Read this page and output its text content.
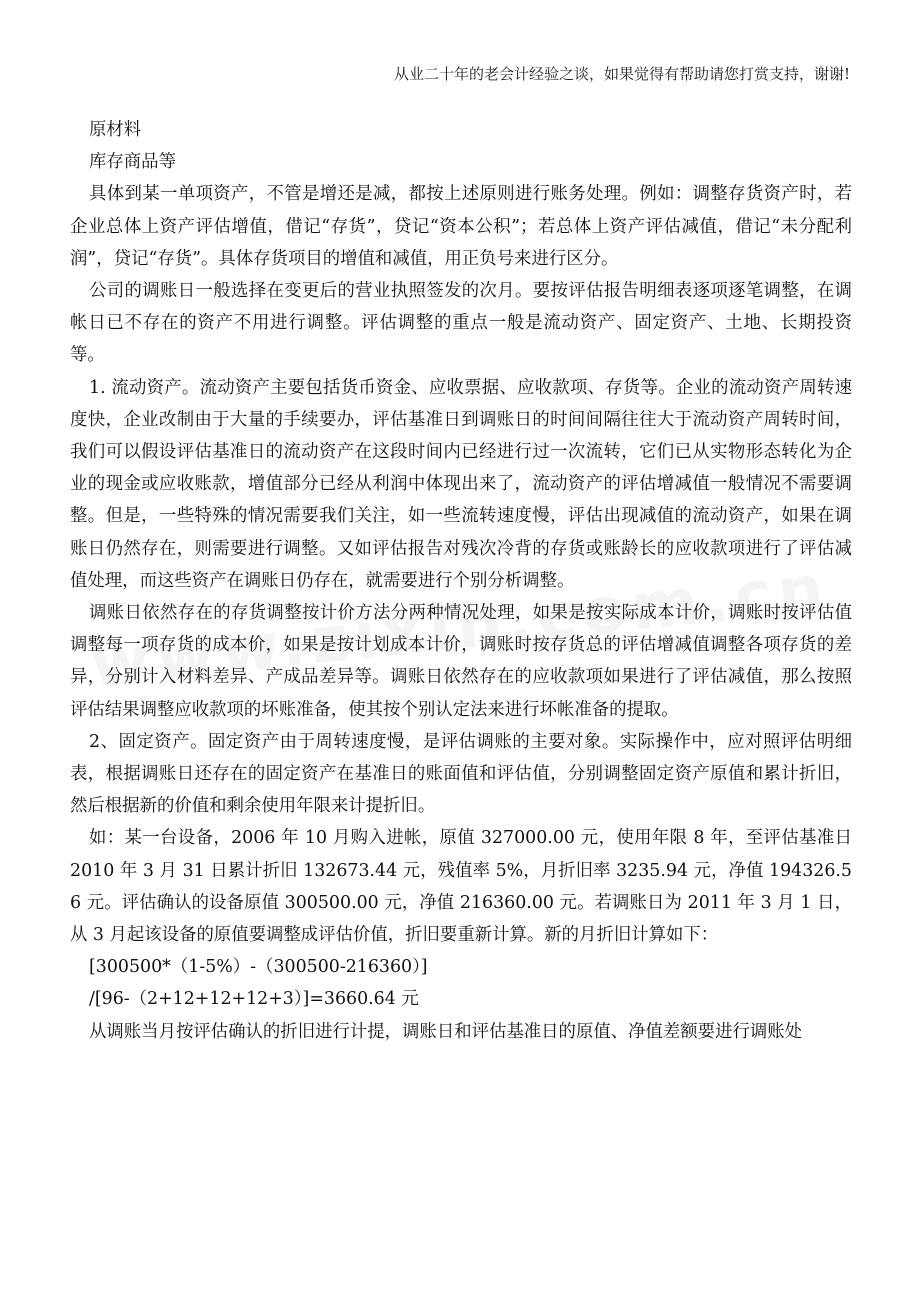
从业二十年的老会计经验之谈，如果觉得有帮助请您打赏支持，谢谢!

原材料

库存商品等

具体到某一单项资产，不管是增还是减，都按上述原则进行账务处理。例如：调整存货资产时，若企业总体上资产评估增值，借记“存货”，贷记“资本公积”；若总体上资产评估减值，借记“未分配利润”，贷记“存货”。具体存货项目的增值和减值，用正负号来进行区分。

公司的调账日一般选择在变更后的营业执照签发的次月。要按评估报告明细表逐项逐笔调整，在调帐日已不存在的资产不用进行调整。评估调整的重点一般是流动资产、固定资产、土地、长期投资等。

1. 流动资产。流动资产主要包括货币资金、应收票据、应收款项、存货等。企业的流动资产周转速度快，企业改制由于大量的手续要办，评估基准日到调账日的时间间隔往往大于流动资产周转时间，我们可以假设评估基准日的流动资产在这段时间内已经进行过一次流转，它们已从实物形态转化为企业的现金或应收账款，增值部分已经从利润中体现出来了，流动资产的评估增减值一般情况不需要调整。但是，一些特殊的情况需要我们关注，如一些流转速度慢，评估出现减值的流动资产，如果在调账日仍然存在，则需要进行调整。又如评估报告对残次冷背的存货或账龄长的应收款项进行了评估减值处理，而这些资产在调账日仍存在，就需要进行个别分析调整。

调账日依然存在的存货调整按计价方法分两种情况处理，如果是按实际成本计价，调账时按评估值调整每一项存货的成本价，如果是按计划成本计价，调账时按存货总的评估增减值调整各项存货的差异，分别计入材料差异、产成品差异等。调账日依然存在的应收款项如果进行了评估减值，那么按照评估结果调整应收款项的坏账准备，使其按个别认定法来进行坏帐准备的提取。

2、固定资产。固定资产由于周转速度慢，是评估调账的主要对象。实际操作中，应对照评估明细表，根据调账日还存在的固定资产在基准日的账面值和评估值，分别调整固定资产原值和累计折旧，然后根据新的价值和剩余使用年限来计提折旧。

如：某一台设备，2006 年 10 月购入进帐，原值 327000.00 元，使用年限 8 年，至评估基准日 2010 年 3 月 31 日累计折旧 132673.44 元，残值率 5%，月折旧率 3235.94 元，净值 194326.56 元。评估确认的设备原值 300500.00 元，净值 216360.00 元。若调账日为 2011 年 3 月 1 日，从 3 月起该设备的原值要调整成评估价值，折旧要重新计算。新的月折旧计算如下：

[300500*（1-5%）-（300500-216360）]

/[96-（2+12+12+12+3）]=3660.64 元

从调账当月按评估确认的折旧进行计提，调账日和评估基准日的原值、净值差额要进行调账处
